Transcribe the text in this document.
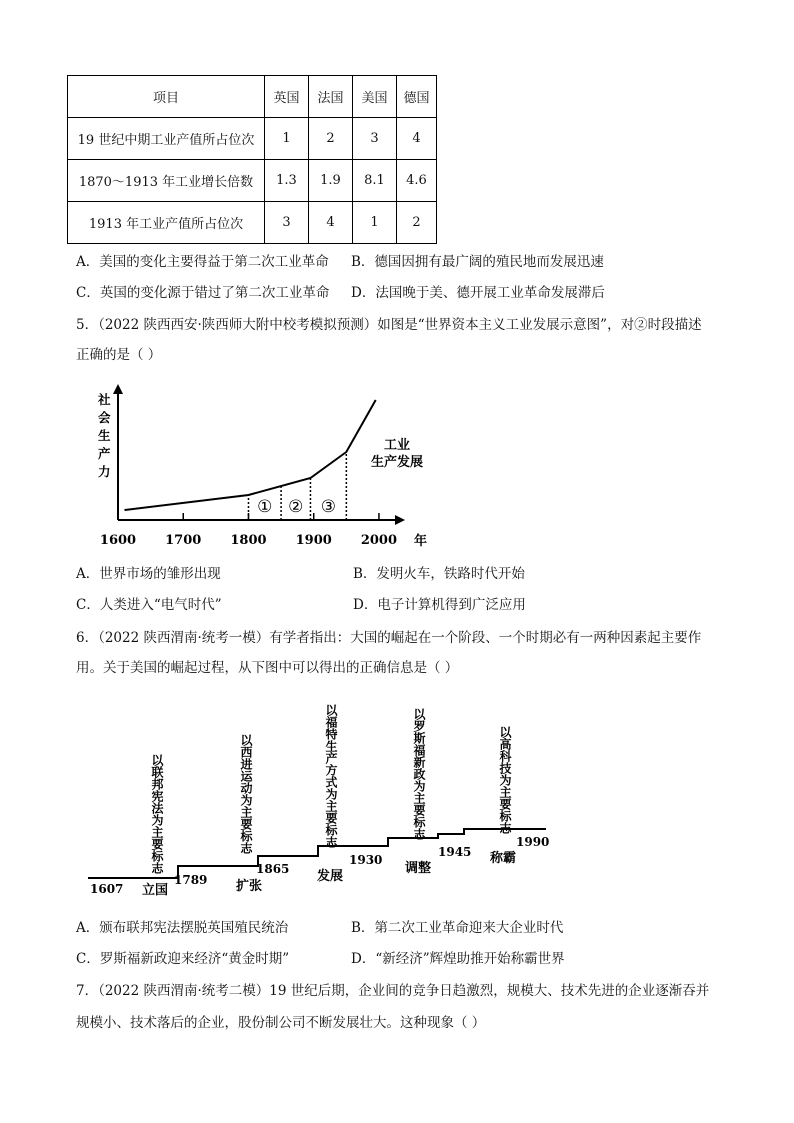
项目	英国	法国	美国	德国
19 世纪中期工业产值所占位次	1	2	3	4
1870～1913 年工业增长倍数	1.3	1.9	8.1	4.6
1913 年工业产值所占位次	3	4	1	2
A．美国的变化主要得益于第二次工业革命 B．德国因拥有最广阔的殖民地而发展迅速
C．英国的变化源于错过了第二次工业革命 D．法国晚于美、德开展工业革命发展滞后
5．（2022 陕西西安·陕西师大附中校考模拟预测）如图是“世界资本主义工业发展示意图”，对②时段描述
正确的是（ ）
社
会
生
产
力
年
1600 1700 1800 1900 2000
① ② ③
工业
生产发展
A．世界市场的雏形出现	B．发明火车，铁路时代开始
C．人类进入“电气时代”	D．电子计算机得到广泛应用
6．（2022 陕西渭南·统考一模）有学者指出：大国的崛起在一个阶段、一个时期必有一两种因素起主要作
用。关于美国的崛起过程，从下图中可以得出的正确信息是（ ）
1607
1789
1865
1930
1945
1990
立国	扩张
发展
调整
称霸
以联邦宪法为主要标志	以西进运动为主要标志	以福特生产方式为主要标志	以罗斯福新政为主要标志	以高科技为主要标志
A．颁布联邦宪法摆脱英国殖民统治	B．第二次工业革命迎来大企业时代
C．罗斯福新政迎来经济“黄金时期”	D．“新经济”辉煌助推开始称霸世界
7．（2022 陕西渭南·统考二模）19 世纪后期，企业间的竞争日趋激烈，规模大、技术先进的企业逐渐吞并
规模小、技术落后的企业，股份制公司不断发展壮大。这种现象（ ）
